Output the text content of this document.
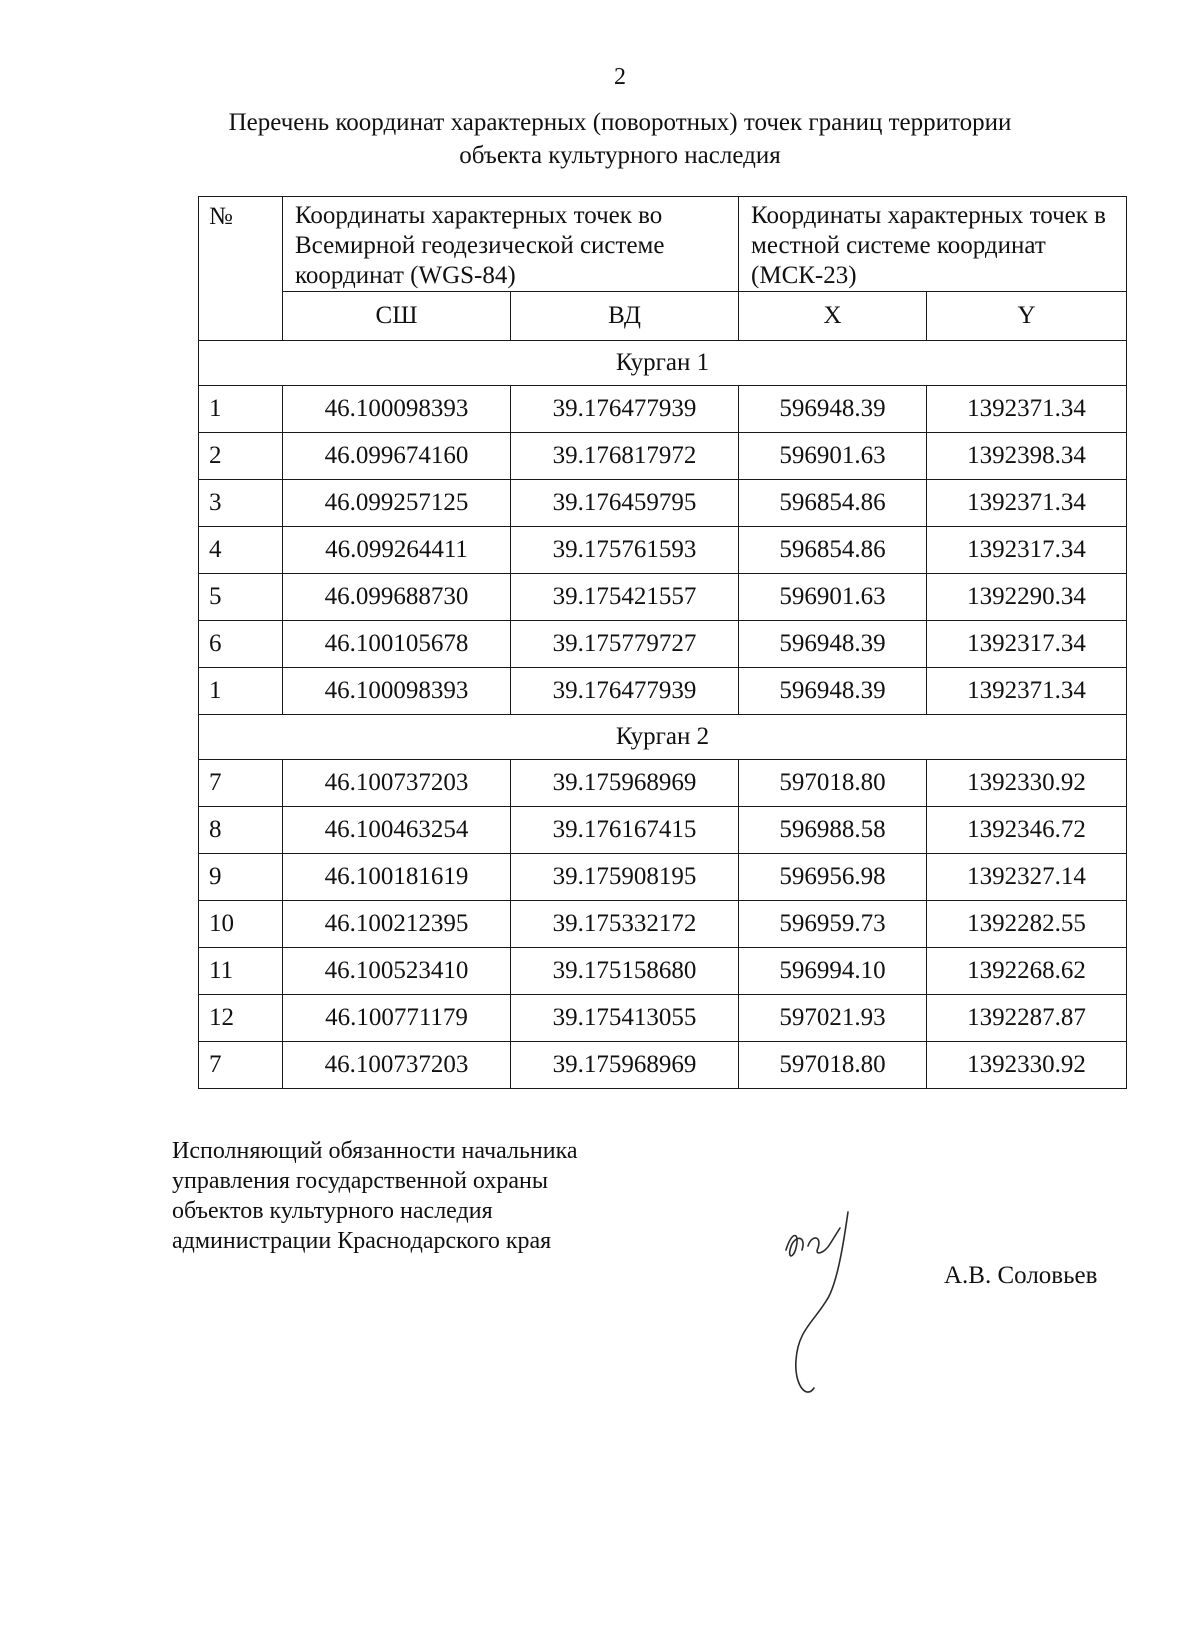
2
Перечень координат характерных (поворотных) точек границ территории
объекта культурного наследия
№	Координаты характерных точек во Всемирной геодезической системе координат (WGS-84)		Координаты характерных точек в местной системе координат (МСК-23)	
	СШ	ВД	X	Y
Курган 1				
1	46.100098393	39.176477939	596948.39	1392371.34
2	46.099674160	39.176817972	596901.63	1392398.34
3	46.099257125	39.176459795	596854.86	1392371.34
4	46.099264411	39.175761593	596854.86	1392317.34
5	46.099688730	39.175421557	596901.63	1392290.34
6	46.100105678	39.175779727	596948.39	1392317.34
1	46.100098393	39.176477939	596948.39	1392371.34
Курган 2				
7	46.100737203	39.175968969	597018.80	1392330.92
8	46.100463254	39.176167415	596988.58	1392346.72
9	46.100181619	39.175908195	596956.98	1392327.14
10	46.100212395	39.175332172	596959.73	1392282.55
11	46.100523410	39.175158680	596994.10	1392268.62
12	46.100771179	39.175413055	597021.93	1392287.87
7	46.100737203	39.175968969	597018.80	1392330.92
Исполняющий обязанности начальника
управления государственной охраны
объектов культурного наследия
администрации Краснодарского края
А.В. Соловьев
